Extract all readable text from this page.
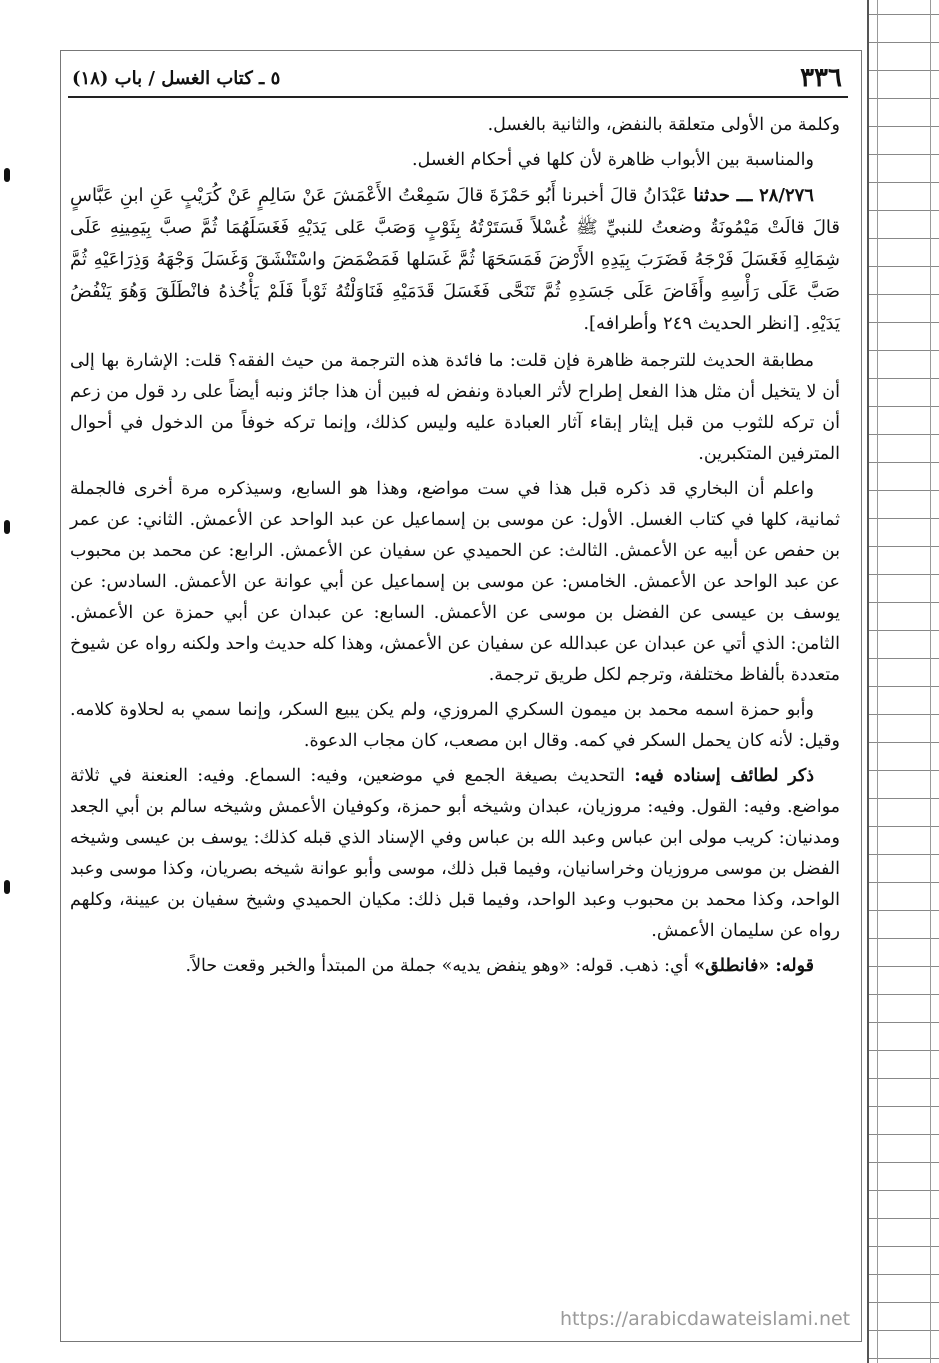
٣٣٦
٥ ـ كتاب الغسل / باب (١٨)

وكلمة من الأولى متعلقة بالنفض، والثانية بالغسل.

والمناسبة بين الأبواب ظاهرة لأن كلها في أحكام الغسل.

٢٨/٢٧٦ ـــ حدثنا عَبْدَانُ قالَ أخبرنا أَبُو حَمْزَةَ قالَ سَمِعْتُ الأَعْمَشَ عَنْ سَالِمٍ عَنْ كُرَيْبٍ عَنِ ابنِ عَبَّاسٍ قالَ قالَتْ مَيْمُونَةُ وضعتُ للنبيِّ ﷺ غُسْلاً فَسَتَرْتُهُ بِثَوْبٍ وَصَبَّ عَلى يَدَيْهِ فَغَسَلَهُمَا ثُمَّ صبَّ بِيَمِينِهِ عَلَى شِمَالِهِ فَغَسَلَ فَرْجَهُ فَضَرَبَ بِيَدِهِ الأَرْضَ فَمَسَحَهَا ثُمَّ غَسَلها فَمَضْمَضَ واسْتَنْشَقَ وَغَسَلَ وَجْهَهُ وَذِرَاعَيْهِ ثُمَّ صَبَّ عَلَى رَأْسِهِ وأَفَاضَ عَلَى جَسَدِهِ ثُمَّ تَنَحَّى فَغَسَلَ قَدَمَيْهِ فَنَاوَلْتُهُ ثَوْباً فَلَمْ يَأْخُذهُ فانْطَلَقَ وَهُوَ يَنْفُضُ يَدَيْهِ. [انظر الحديث ٢٤٩ وأطرافه].

مطابقة الحديث للترجمة ظاهرة فإن قلت: ما فائدة هذه الترجمة من حيث الفقه؟ قلت: الإشارة بها إلى أن لا يتخيل أن مثل هذا الفعل إطراح لأثر العبادة ونفض له فبين أن هذا جائز ونبه أيضاً على رد قول من زعم أن تركه للثوب من قبل إيثار إبقاء آثار العبادة عليه وليس كذلك، وإنما تركه خوفاً من الدخول في أحوال المترفين المتكبرين.

واعلم أن البخاري قد ذكره قبل هذا في ست مواضع، وهذا هو السابع، وسيذكره مرة أخرى فالجملة ثمانية، كلها في كتاب الغسل. الأول: عن موسى بن إسماعيل عن عبد الواحد عن الأعمش. الثاني: عن عمر بن حفص عن أبيه عن الأعمش. الثالث: عن الحميدي عن سفيان عن الأعمش. الرابع: عن محمد بن محبوب عن عبد الواحد عن الأعمش. الخامس: عن موسى بن إسماعيل عن أبي عوانة عن الأعمش. السادس: عن يوسف بن عيسى عن الفضل بن موسى عن الأعمش. السابع: عن عبدان عن أبي حمزة عن الأعمش. الثامن: الذي أتي عن عبدان عن عبدالله عن سفيان عن الأعمش، وهذا كله حديث واحد ولكنه رواه عن شيوخ متعددة بألفاظ مختلفة، وترجم لكل طريق ترجمة.

وأبو حمزة اسمه محمد بن ميمون السكري المروزي، ولم يكن يبيع السكر، وإنما سمي به لحلاوة كلامه. وقيل: لأنه كان يحمل السكر في كمه. وقال ابن مصعب، كان مجاب الدعوة.

ذكر لطائف إسناده فيه: التحديث بصيغة الجمع في موضعين، وفيه: السماع. وفيه: العنعنة في ثلاثة مواضع. وفيه: القول. وفيه: مروزيان، عبدان وشيخه أبو حمزة، وكوفيان الأعمش وشيخه سالم بن أبي الجعد ومدنيان: كريب مولى ابن عباس وعبد الله بن عباس وفي الإسناد الذي قبله كذلك: يوسف بن عيسى وشيخه الفضل بن موسى مروزيان وخراسانيان، وفيما قبل ذلك، موسى وأبو عوانة شيخه بصريان، وكذا موسى وعبد الواحد، وكذا محمد بن محبوب وعبد الواحد، وفيما قبل ذلك: مكيان الحميدي وشيخ سفيان بن عيينة، وكلهم رواه عن سليمان الأعمش.

قوله: «فانطلق» أي: ذهب. قوله: «وهو ينفض يديه» جملة من المبتدأ والخبر وقعت حالاً.

https://arabicdawateislami.net
